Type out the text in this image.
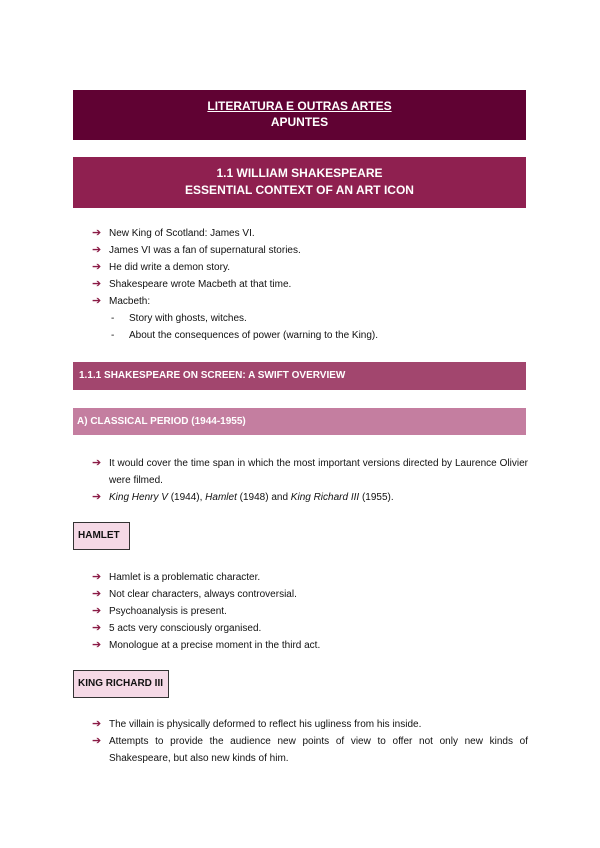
LITERATURA E OUTRAS ARTES
APUNTES
1.1 WILLIAM SHAKESPEARE
ESSENTIAL CONTEXT OF AN ART ICON
➔ New King of Scotland: James VI.
➔ James VI was a fan of supernatural stories.
➔ He did write a demon story.
➔ Shakespeare wrote Macbeth at that time.
➔ Macbeth:
- Story with ghosts, witches.
- About the consequences of power (warning to the King).
1.1.1 SHAKESPEARE ON SCREEN: A SWIFT OVERVIEW
A) CLASSICAL PERIOD (1944-1955)
➔ It would cover the time span in which the most important versions directed by Laurence Olivier were filmed.
➔ King Henry V (1944), Hamlet (1948) and King Richard III (1955).
HAMLET
➔ Hamlet is a problematic character.
➔ Not clear characters, always controversial.
➔ Psychoanalysis is present.
➔ 5 acts very consciously organised.
➔ Monologue at a precise moment in the third act.
KING RICHARD III
➔ The villain is physically deformed to reflect his ugliness from his inside.
➔ Attempts to provide the audience new points of view to offer not only new kinds of Shakespeare, but also new kinds of him.
